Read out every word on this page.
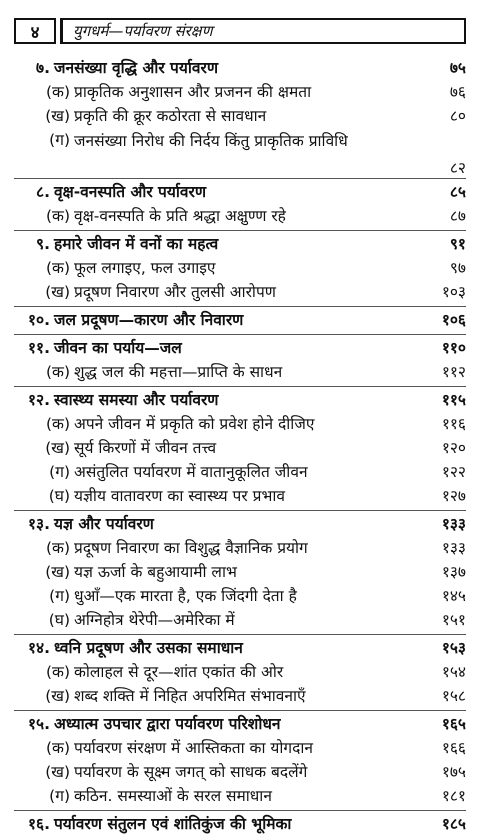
४	युगधर्म—पर्यावरण संरक्षण
७. जनसंख्या वृद्धि और पर्यावरण	७५
(क) प्राकृतिक अनुशासन और प्रजनन की क्षमता	७६
(ख) प्रकृति की क्रूर कठोरता से सावधान	८०
(ग) जनसंख्या निरोध की निर्दय किंतु प्राकृतिक प्राविधि
८२
८. वृक्ष-वनस्पति और पर्यावरण	८५
(क) वृक्ष-वनस्पति के प्रति श्रद्धा अक्षुण्ण रहे	८७
९. हमारे जीवन में वनों का महत्व	९१
(क) फूल लगाइए, फल उगाइए	९७
(ख) प्रदूषण निवारण और तुलसी आरोपण	१०३
१०. जल प्रदूषण—कारण और निवारण	१०६
११. जीवन का पर्याय—जल	११०
(क) शुद्ध जल की महत्ता—प्राप्ति के साधन	११२
१२. स्वास्थ्य समस्या और पर्यावरण	११५
(क) अपने जीवन में प्रकृति को प्रवेश होने दीजिए	११६
(ख) सूर्य किरणों में जीवन तत्त्व	१२०
(ग) असंतुलित पर्यावरण में वातानुकूलित जीवन	१२२
(घ) यज्ञीय वातावरण का स्वास्थ्य पर प्रभाव	१२७
१३. यज्ञ और पर्यावरण	१३३
(क) प्रदूषण निवारण का विशुद्ध वैज्ञानिक प्रयोग	१३३
(ख) यज्ञ ऊर्जा के बहुआयामी लाभ	१३७
(ग) धुआँ—एक मारता है, एक जिंदगी देता है	१४५
(घ) अग्निहोत्र थेरेपी—अमेरिका में	१५१
१४. ध्वनि प्रदूषण और उसका समाधान	१५३
(क) कोलाहल से दूर—शांत एकांत की ओर	१५४
(ख) शब्द शक्ति में निहित अपरिमित संभावनाएँ	१५८
१५. अध्यात्म उपचार द्वारा पर्यावरण परिशोधन	१६५
(क) पर्यावरण संरक्षण में आस्तिकता का योगदान	१६६
(ख) पर्यावरण के सूक्ष्म जगत् को साधक बदलेंगे	१७५
(ग) कठिन. समस्याओं के सरल समाधान	१८१
१६. पर्यावरण संतुलन एवं शांतिकुंज की भूमिका	१८५
